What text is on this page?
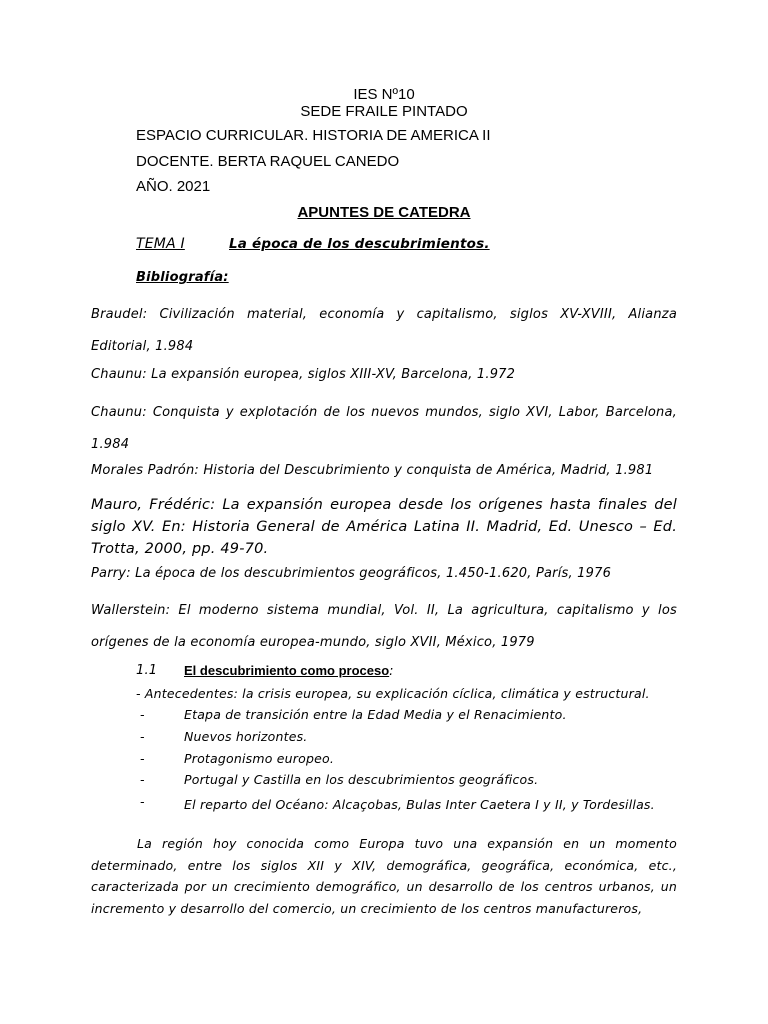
IES Nº10
SEDE FRAILE PINTADO
ESPACIO CURRICULAR. HISTORIA DE AMERICA II
DOCENTE. BERTA RAQUEL CANEDO
AÑO. 2021
APUNTES DE CATEDRA
TEMA I	La época de los descubrimientos.
Bibliografía:
Braudel: Civilización material, economía y capitalismo, siglos XV-XVIII, Alianza Editorial, 1.984
Chaunu: La expansión europea, siglos XIII-XV, Barcelona, 1.972
Chaunu: Conquista y explotación de los nuevos mundos, siglo XVI, Labor, Barcelona, 1.984
Morales Padrón: Historia del Descubrimiento y conquista de América, Madrid, 1.981
Mauro, Frédéric: La expansión europea desde los orígenes hasta finales del siglo XV. En: Historia General de América Latina II. Madrid, Ed. Unesco – Ed. Trotta, 2000, pp. 49-70.
Parry: La época de los descubrimientos geográficos, 1.450-1.620, París, 1976
Wallerstein: El moderno sistema mundial, Vol. II, La agricultura, capitalismo y los orígenes de la economía europea-mundo, siglo XVII, México, 1979
1.1 El descubrimiento como proceso:
- Antecedentes: la crisis europea, su explicación cíclica, climática y estructural.
-	Etapa de transición entre la Edad Media y el Renacimiento.
-	Nuevos horizontes.
-	Protagonismo europeo.
-	Portugal y Castilla en los descubrimientos geográficos.
-	El reparto del Océano: Alcaçobas, Bulas Inter Caetera I y II, y Tordesillas.
La región hoy conocida como Europa tuvo una expansión en un momento determinado, entre los siglos XII y XIV, demográfica, geográfica, económica, etc., caracterizada por un crecimiento demográfico, un desarrollo de los centros urbanos, un incremento y desarrollo del comercio, un crecimiento de los centros manufactureros,
